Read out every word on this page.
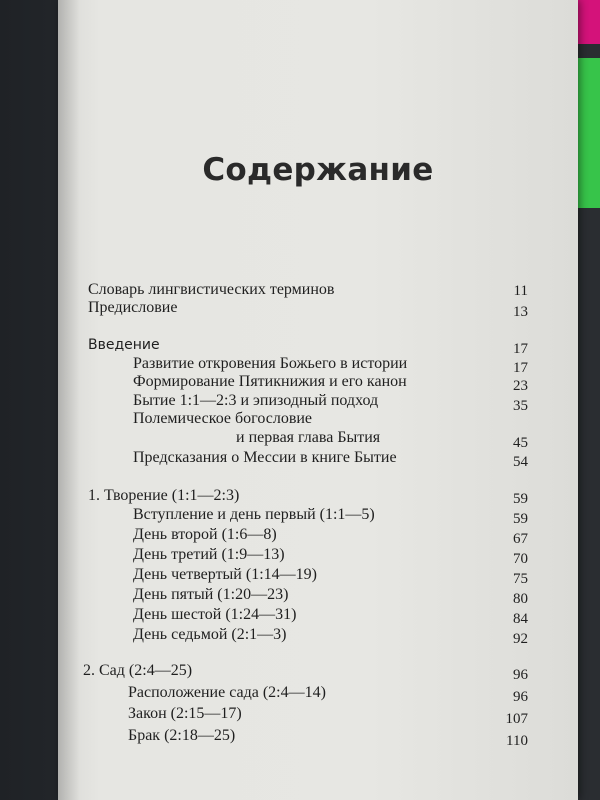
Содержание
Словарь лингвистических терминов	11
Предисловие	13
Введение	17
Развитие откровения Божьего в истории	17
Формирование Пятикнижия и его канон	23
Бытие 1:1—2:3 и эпизодный подход	35
Полемическое богословие
и первая глава Бытия	45
Предсказания о Мессии в книге Бытие	54
1. Творение (1:1—2:3)	59
Вступление и день первый (1:1—5)	59
День второй (1:6—8)	67
День третий (1:9—13)	70
День четвертый (1:14—19)	75
День пятый (1:20—23)	80
День шестой (1:24—31)	84
День седьмой (2:1—3)	92
2. Сад (2:4—25)	96
Расположение сада (2:4—14)	96
Закон (2:15—17)	107
Брак (2:18—25)	110
